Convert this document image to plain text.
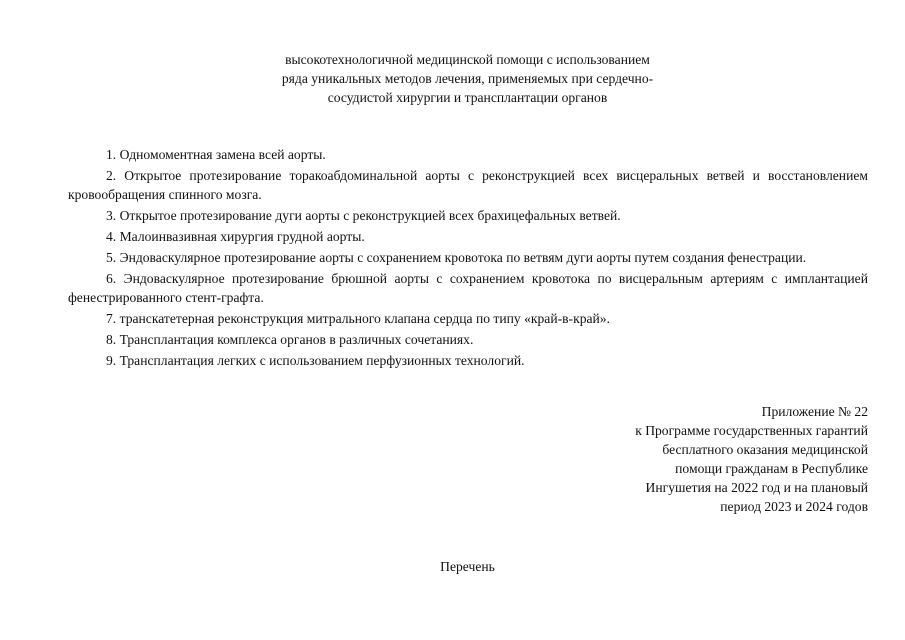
высокотехнологичной медицинской помощи с использованием
ряда уникальных методов лечения, применяемых при сердечно-
сосудистой хирургии и трансплантации органов
1. Одномоментная замена всей аорты.
2. Открытое протезирование торакоабдоминальной аорты с реконструкцией всех висцеральных ветвей и восстановлением кровообращения спинного мозга.
3. Открытое протезирование дуги аорты с реконструкцией всех брахицефальных ветвей.
4. Малоинвазивная хирургия грудной аорты.
5. Эндоваскулярное протезирование аорты с сохранением кровотока по ветвям дуги аорты путем создания фенестрации.
6. Эндоваскулярное протезирование брюшной аорты с сохранением кровотока по висцеральным артериям с имплантацией фенестрированного стент-графта.
7. транскатетерная реконструкция митрального клапана сердца по типу «край-в-край».
8. Трансплантация комплекса органов в различных сочетаниях.
9. Трансплантация легких с использованием перфузионных технологий.
Приложение № 22
к Программе государственных гарантий
бесплатного оказания медицинской
помощи гражданам в Республике
Ингушетия на 2022 год и на плановый
период 2023 и 2024 годов
Перечень
